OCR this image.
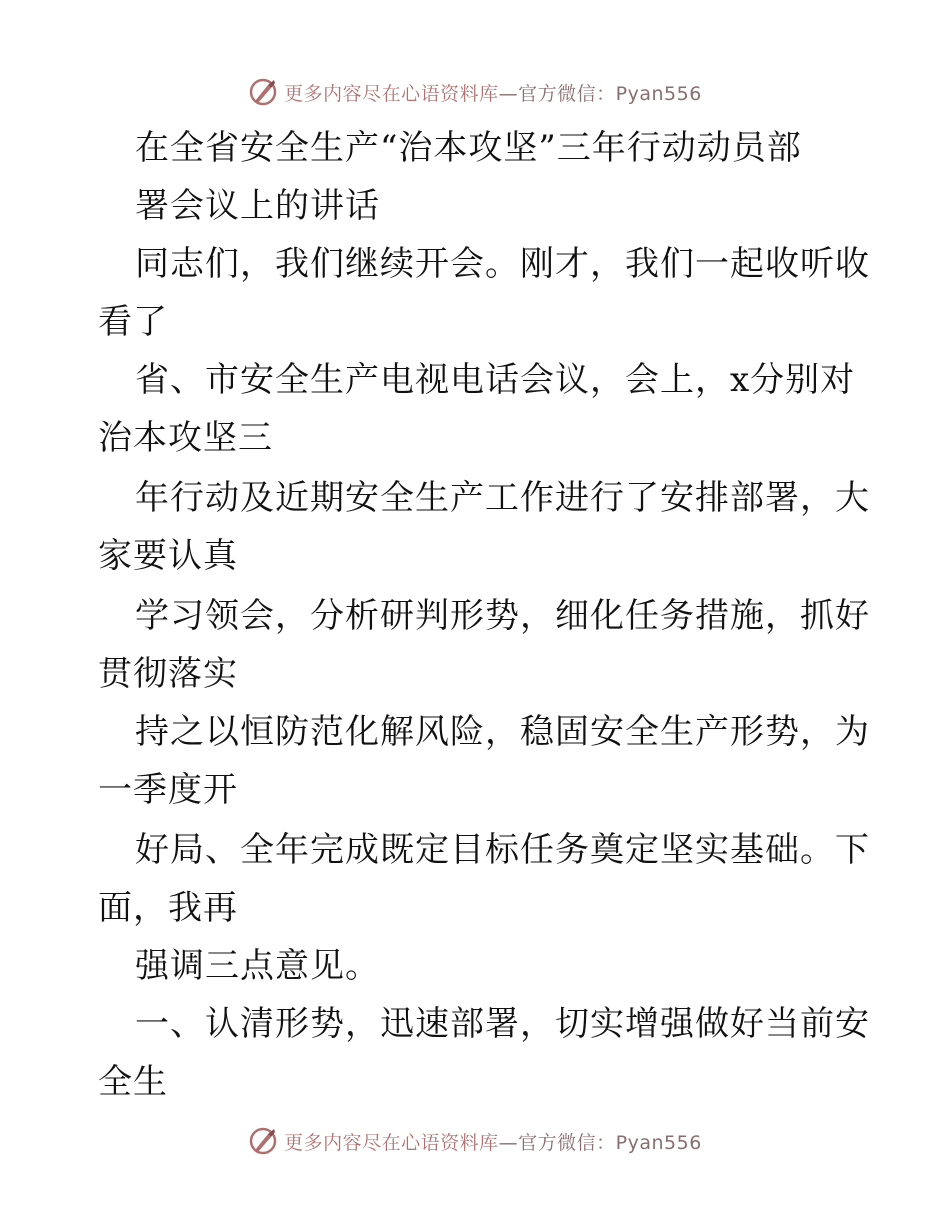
更多内容尽在心语资料库—官方微信：Pyan556
在全省安全生产“治本攻坚”三年行动动员部
署会议上的讲话
同志们，我们继续开会。刚才，我们一起收听收
看了
省、市安全生产电视电话会议，会上，x分别对
治本攻坚三
年行动及近期安全生产工作进行了安排部署，大
家要认真
学习领会，分析研判形势，细化任务措施，抓好
贯彻落实
持之以恒防范化解风险，稳固安全生产形势，为
一季度开
好局、全年完成既定目标任务奠定坚实基础。下
面，我再
强调三点意见。
一、认清形势，迅速部署，切实增强做好当前安
全生
更多内容尽在心语资料库—官方微信：Pyan556
